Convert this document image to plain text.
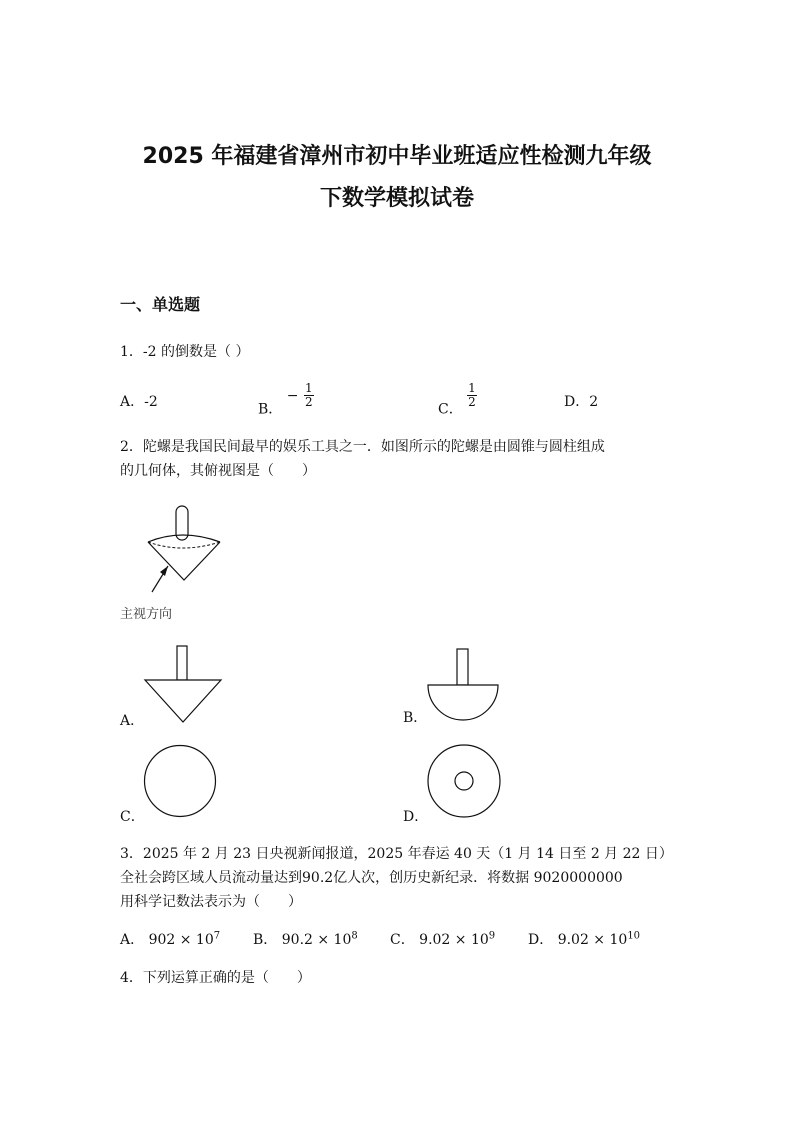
2025 年福建省漳州市初中毕业班适应性检测九年级
下数学模拟试卷
一、单选题
1．-2 的倒数是（ ）
A．-2	B． − $\frac{1}{2}$
C．
$\frac{1}{2}$	D．2
2．陀螺是我国民间最早的娱乐工具之一．如图所示的陀螺是由圆锥与圆柱组成
的几何体，其俯视图是（　　）
主视方向
A．	B．
C．	D．
3．2025 年 2 月 23 日央视新闻报道，2025 年春运 40 天（1 月 14 日至 2 月 22 日）
全社会跨区域人员流动量达到90.2亿人次，创历史新纪录．将数据 9020000000
用科学记数法表示为（　　）
A． $902 \times 10^7$ B． $90.2 \times 10^8$ C． $9.02 \times 10^9$ D． $9.02 \times 10^{10}$
4．下列运算正确的是（　　）
